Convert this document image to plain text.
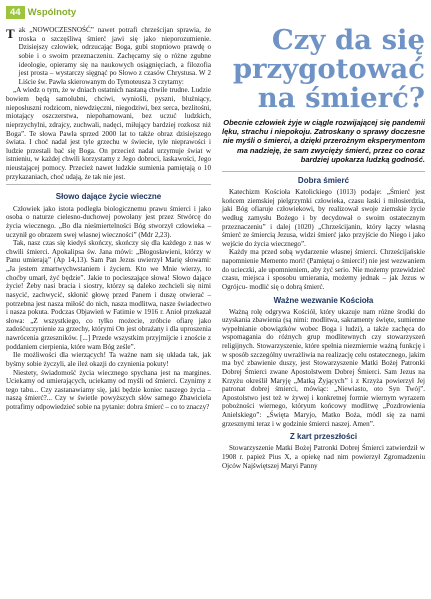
44 Wspólnoty
T ak „NOWOCZESNOŚĆ” nawet potrafi chrześcijan sprawia, że troska o szczęśliwą śmierć jawi się jako nieporozumienie. Dzisiejszy człowiek, odrzucając Boga, gubi stopniowo prawdę o sobie i o swoim przeznaczeniu. Zachęcamy się o różne zgubne ideologie, opieramy się na naukowych osiągnięciach, a filozofia jest prosta – wystarczy sięgnąć po Słowo z czasów Chrystusa. W 2 Liście św. Pawła skierowanym do Tymoteusza 3 czytamy:

„A wiedz o tym, że w dniach ostatnich nastaną chwile trudne. Ludzie bowiem będą samolubni, chciwi, wyniośli, pyszni, bluźniący, nieposłuszni rodzicom, niewdzięczni, niegodziwi, bez serca, bezlitośni, miotający oszczerstwa, niepohamowani, bez uczuć ludzkich, nieprzychylni, zdrajcy, zuchwali, nadęci, miłujący bardziej rozkosz niż Boga”. Te słowa Pawła sprzed 2000 lat to także obraz dzisiejszego świata. I choć nadal jest tyle grzechu w świecie, tyle nieprawości i ludzie przestali bać się Boga. On przecież nadal urzymuje świat w istnieniu, w każdej chwili korzystamy z Jego dobroci, łaskawości, Jego nieustającej pomocy. Przecież nawet ludzkie sumienia pamiętają o 10 przykazaniach, choć udają, że tak nie jest.

Słowo dające życie wieczne

Człowiek jako istota podległa biologicznemu prawu śmierci i jako osoba o naturze cielesno-duchowej powołany jest przez Stwórcę do życia wiecznego. „Bo dla nieśmiertelności Bóg stworzył człowieka – uczynił go obrazem swej własnej wieczności” (Mdr 2,23).

Tak, nasz czas się kiedyś skończy, skończy się dla każdego z nas w chwili śmierci. Apokalipsa św. Jana mówi: „Błogosławieni, którzy w Panu umierają” (Ap 14,13). Sam Pan Jezus uwierzył Marię słowami: „Ja jestem zmartwychwstaniem i życiem. Kto we Mnie wierzy, to choćby umarł, żyć będzie”. Jakie to pocieszające słowa! Słowo dające życie! Żeby nasi bracia i siostry, którzy są daleko zechcieli się nimi nasycić, zachwycić, skłonić głowę przed Panem i duszę otwierać – potrzebna jest nasza miłość do nich, nasza modlitwa, nasze świadectwo i nasza pokuta. Podczas Objawień w Fatimie w 1916 r. Anioł przekazał słowa: „Z wszystkiego, co tylko możecie, zróbcie ofiarę jako zadośćuczynienie za grzechy, którymi On jest obrażany i dla uproszenia nawrócenia grzeszników. [...] Przede wszystkim przyjmijcie i znoście z poddaniem cierpienia, które wam Bóg ześle”.

Ile możliwości dla wierzących! Ta ważne nam się układa tak, jak byśmy sobie życzyli, ale ileż okazji do czynienia pokuty!

Niestety, świadomość życia wiecznego spychana jest na margines. Uciekamy od umierających, uciekamy od myśli od śmierci. Czynimy z tego tabu... Czy zastanawiamy się, jaki będzie koniec naszego życia – naszą śmierć?... Czy w świetle powyższych słów samego Zbawiciela potrafimy odpowiedzieć sobie na pytanie: dobra śmierć – co to znaczy?

Czy da się
przygotować
na śmierć?
Obecnie człowiek żyje w ciągle rozwijającej się pandemii lęku, strachu i niepokoju. Zatroskany o sprawy doczesne nie myśli o śmierci, a dzięki przerożnym eksperymentom ma nadzieję, że sam zwycięży śmierć, przez co coraz bardziej upokarza ludzką godność.
Dobra śmierć

Katechizm Kościoła Katolickiego (1013) podaje: „Śmierć jest końcem ziemskiej pielgrzymki człowieka, czasu łaski i miłosierdzia, jaki Bóg ofiaruje człowiekowi, by realizował swoje ziemskie życie według zamysłu Bożego i by decydował o swoim ostatecznym przeznaczeniu” i dalej (1020) „Chrześcijanin, który łączy własną śmierć ze śmiercią Jezusa, widzi śmierć jako przyjście do Niego i jako wejście do życia wiecznego”.

Każdy ma przed sobą wydarzenie własnej śmierci. Chrześcijańskie napomnienie Memento mori! (Pamiętaj o śmierci!) nie jest wezwaniem do ucieczki, ale upomnieniem, aby żyć serio. Nie możemy przewidzieć czasu, miejsca i sposobu umierania, możemy jednak – jak Jezus w Ogrójcu- modlić się o dobrą śmierć.

Ważne wezwanie Kościoła

Ważną rolę odgrywa Kościół, który ukazuje nam różne środki do uzyskania zbawienia (są nimi: modlitwa, sakramenty święte, sumienne wypełnianie obowiązków wobec Boga i ludzi), a także zachęca do wspomagania do różnych grup modlitewnych czy stowarzyszeń religijnych. Stowarzyszenie, które spełnia niezmiernie ważną funkcję i w sposób szczególny uwrażliwia na realizację celu ostatecznego, jakim ma być zbawienie duszy, jest Stowarzyszenie Matki Bożej Patronki Dobrej Śmierci zwane Apostolstwem Dobrej Śmierci. Sam Jezus na Krzyżu określił Maryję „Matką Żyjących” i z Krzyża powierzył Jej patronat dobrej śmierci, mówiąc: „Niewiasto, oto Syn Twój”. Apostolstwo jest też w żywej i konkretnej formie wiernym wyrazem pobożności wiernego, któryum końcowy modlitwę „Pozdrowienia Anielskiego”: „Święta Maryjo, Matko Boża, módl się za nami grzesznymi teraz i w godzinie śmierci naszej. Amen”.

Z kart przeszłości

Stowarzyszenie Matki Bożej Patronki Dobrej Śmierci zatwierdził w 1908 r. papież Pius X, a opiekę nad nim powierzył Zgromadzeniu Ojców Najświętszej Maryi Panny
